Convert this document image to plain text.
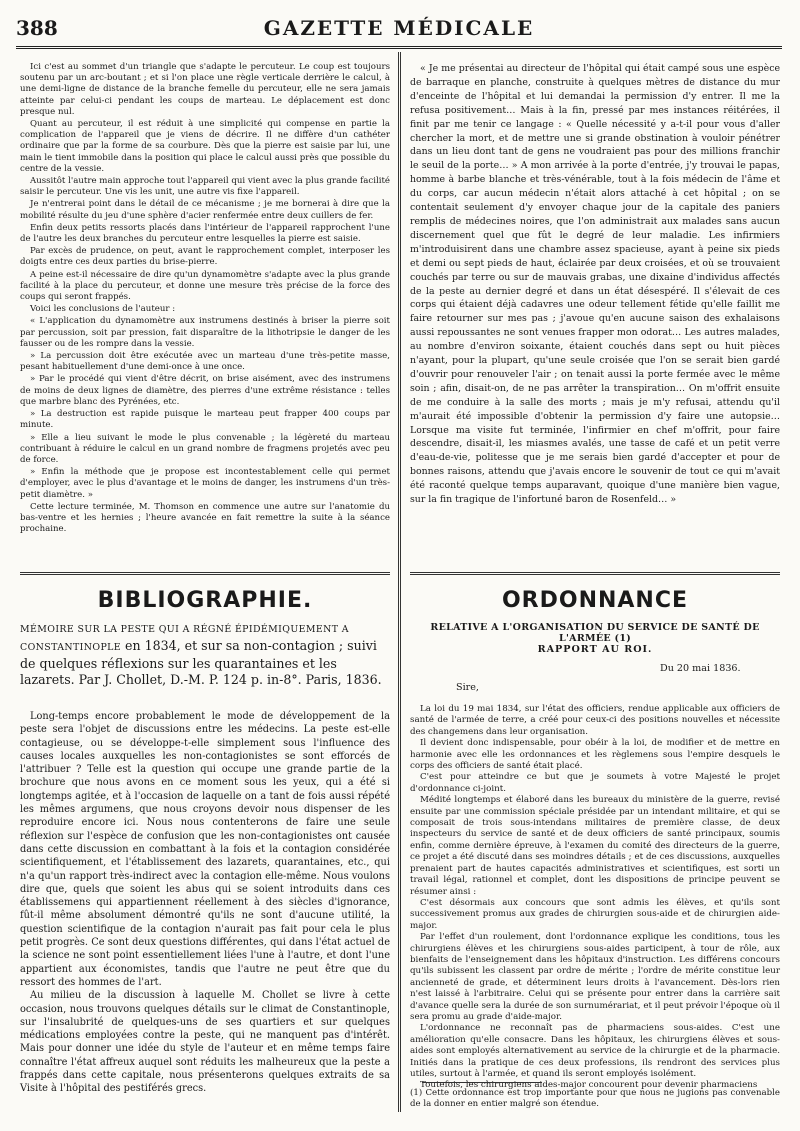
388	GAZETTE MÉDICALE

Ici c'est au sommet d'un triangle que s'adapte le percuteur. Le coup est toujours soutenu par un arc-boutant ; et si l'on place une règle verticale derrière le calcul, à une demi-ligne de distance de la branche femelle du percuteur, elle ne sera jamais atteinte par celui-ci pendant les coups de marteau. Le déplacement est donc presque nul.

Quant au percuteur, il est réduit à une simplicité qui compense en partie la complication de l'appareil que je viens de décrire. Il ne diffère d'un cathéter ordinaire que par la forme de sa courbure. Dès que la pierre est saisie par lui, une main le tient immobile dans la position qui place le calcul aussi près que possible du centre de la vessie.

Aussitôt l'autre main approche tout l'appareil qui vient avec la plus grande facilité saisir le percuteur. Une vis les unit, une autre vis fixe l'appareil.

Je n'entrerai point dans le détail de ce mécanisme ; je me bornerai à dire que la mobilité résulte du jeu d'une sphère d'acier renfermée entre deux cuillers de fer.

Enfin deux petits ressorts placés dans l'intérieur de l'appareil rapprochent l'une de l'autre les deux branches du percuteur entre lesquelles la pierre est saisie.

Par excès de prudence, on peut, avant le rapprochement complet, interposer les doigts entre ces deux parties du brise-pierre.

A peine est-il nécessaire de dire qu'un dynamomètre s'adapte avec la plus grande facilité à la place du percuteur, et donne une mesure très précise de la force des coups qui seront frappés.

Voici les conclusions de l'auteur :

« L'application du dynamomètre aux instrumens destinés à briser la pierre soit par percussion, soit par pression, fait disparaître de la lithotripsie le danger de les fausser ou de les rompre dans la vessie.

» La percussion doit être exécutée avec un marteau d'une très-petite masse, pesant habituellement d'une demi-once à une once.

» Par le procédé qui vient d'être décrit, on brise aisément, avec des instrumens de moins de deux lignes de diamètre, des pierres d'une extrême résistance : telles que marbre blanc des Pyrénées, etc.

» La destruction est rapide puisque le marteau peut frapper 400 coups par minute.

» Elle a lieu suivant le mode le plus convenable ; la légèreté du marteau contribuant à réduire le calcul en un grand nombre de fragmens projetés avec peu de force.

» Enfin la méthode que je propose est incontestablement celle qui permet d'employer, avec le plus d'avantage et le moins de danger, les instrumens d'un très-petit diamètre. »

Cette lecture terminée, M. Thomson en commence une autre sur l'anatomie du bas-ventre et les hernies ; l'heure avancée en fait remettre la suite à la séance prochaine.

« Je me présentai au directeur de l'hôpital qui était campé sous une espèce de barraque en planche, construite à quelques mètres de distance du mur d'enceinte de l'hôpital et lui demandai la permission d'y entrer. Il me la refusa positivement… Mais à la fin, pressé par mes instances réitérées, il finit par me tenir ce langage : « Quelle nécessité y a-t-il pour vous d'aller chercher la mort, et de mettre une si grande obstination à vouloir pénétrer dans un lieu dont tant de gens ne voudraient pas pour des millions franchir le seuil de la porte… » A mon arrivée à la porte d'entrée, j'y trouvai le papas, homme à barbe blanche et très-vénérable, tout à la fois médecin de l'âme et du corps, car aucun médecin n'était alors attaché à cet hôpital ; on se contentait seulement d'y envoyer chaque jour de la capitale des paniers remplis de médecines noires, que l'on administrait aux malades sans aucun discernement quel que fût le degré de leur maladie. Les infirmiers m'introduisirent dans une chambre assez spacieuse, ayant à peine six pieds et demi ou sept pieds de haut, éclairée par deux croisées, et où se trouvaient couchés par terre ou sur de mauvais grabas, une dixaine d'individus affectés de la peste au dernier degré et dans un état désespéré. Il s'élevait de ces corps qui étaient déjà cadavres une odeur tellement fétide qu'elle faillit me faire retourner sur mes pas ; j'avoue qu'en aucune saison des exhalaisons aussi repoussantes ne sont venues frapper mon odorat… Les autres malades, au nombre d'environ soixante, étaient couchés dans sept ou huit pièces n'ayant, pour la plupart, qu'une seule croisée que l'on se serait bien gardé d'ouvrir pour renouveler l'air ; on tenait aussi la porte fermée avec le même soin ; afin, disait-on, de ne pas arrêter la transpiration… On m'offrit ensuite de me conduire à la salle des morts ; mais je m'y refusai, attendu qu'il m'aurait été impossible d'obtenir la permission d'y faire une autopsie… Lorsque ma visite fut terminée, l'infirmier en chef m'offrit, pour faire descendre, disait-il, les miasmes avalés, une tasse de café et un petit verre d'eau-de-vie, politesse que je me serais bien gardé d'accepter et pour de bonnes raisons, attendu que j'avais encore le souvenir de tout ce qui m'avait été raconté quelque temps auparavant, quoique d'une manière bien vague, sur la fin tragique de l'infortuné baron de Rosenfeld… »

BIBLIOGRAPHIE.
MÉMOIRE SUR LA PESTE QUI A RÉGNÉ ÉPIDÉMIQUEMENT A CONSTANTINOPLE en 1834, et sur sa non-contagion ; suivi de quelques réflexions sur les quarantaines et les lazarets. Par J. Chollet, D.-M. P. 124 p. in-8°. Paris, 1836.

Long-temps encore probablement le mode de développement de la peste sera l'objet de discussions entre les médecins. La peste est-elle contagieuse, ou se développe-t-elle simplement sous l'influence des causes locales auxquelles les non-contagionistes se sont efforcés de l'attribuer ? Telle est la question qui occupe une grande partie de la brochure que nous avons en ce moment sous les yeux, qui a été si longtemps agitée, et à l'occasion de laquelle on a tant de fois aussi répété les mêmes argumens, que nous croyons devoir nous dispenser de les reproduire encore ici. Nous nous contenterons de faire une seule réflexion sur l'espèce de confusion que les non-contagionistes ont causée dans cette discussion en combattant à la fois et la contagion considérée scientifiquement, et l'établissement des lazarets, quarantaines, etc., qui n'a qu'un rapport très-indirect avec la contagion elle-même. Nous voulons dire que, quels que soient les abus qui se soient introduits dans ces établissemens qui appartiennent réellement à des siècles d'ignorance, fût-il même absolument démontré qu'ils ne sont d'aucune utilité, la question scientifique de la contagion n'aurait pas fait pour cela le plus petit progrès. Ce sont deux questions différentes, qui dans l'état actuel de la science ne sont point essentiellement liées l'une à l'autre, et dont l'une appartient aux économistes, tandis que l'autre ne peut être que du ressort des hommes de l'art.

Au milieu de la discussion à laquelle M. Chollet se livre à cette occasion, nous trouvons quelques détails sur le climat de Constantinople, sur l'insalubrité de quelques-uns de ses quartiers et sur quelques médications employées contre la peste, qui ne manquent pas d'intérêt. Mais pour donner une idée du style de l'auteur et en même temps faire connaître l'état affreux auquel sont réduits les malheureux que la peste a frappés dans cette capitale, nous présenterons quelques extraits de sa Visite à l'hôpital des pestiférés grecs.

ORDONNANCE
RELATIVE A L'ORGANISATION DU SERVICE DE SANTÉ DE L'ARMÉE (1)
RAPPORT AU ROI.
Du 20 mai 1836.
Sire,

La loi du 19 mai 1834, sur l'état des officiers, rendue applicable aux officiers de santé de l'armée de terre, a créé pour ceux-ci des positions nouvelles et nécessite des changemens dans leur organisation.

Il devient donc indispensable, pour obéir à la loi, de modifier et de mettre en harmonie avec elle les ordonnances et les règlemens sous l'empire desquels le corps des officiers de santé était placé.

C'est pour atteindre ce but que je soumets à votre Majesté le projet d'ordonnance ci-joint.

Médité longtemps et élaboré dans les bureaux du ministère de la guerre, revisé ensuite par une commission spéciale présidée par un intendant militaire, et qui se composait de trois sous-intendans militaires de première classe, de deux inspecteurs du service de santé et de deux officiers de santé principaux, soumis enfin, comme dernière épreuve, à l'examen du comité des directeurs de la guerre, ce projet a été discuté dans ses moindres détails ; et de ces discussions, auxquelles prenaient part de hautes capacités administratives et scientifiques, est sorti un travail légal, rationnel et complet, dont les dispositions de principe peuvent se résumer ainsi :

C'est désormais aux concours que sont admis les élèves, et qu'ils sont successivement promus aux grades de chirurgien sous-aide et de chirurgien aide-major.

Par l'effet d'un roulement, dont l'ordonnance explique les conditions, tous les chirurgiens élèves et les chirurgiens sous-aides participent, à tour de rôle, aux bienfaits de l'enseignement dans les hôpitaux d'instruction. Les différens concours qu'ils subissent les classent par ordre de mérite ; l'ordre de mérite constitue leur ancienneté de grade, et déterminent leurs droits à l'avancement. Dès-lors rien n'est laissé à l'arbitraire. Celui qui se présente pour entrer dans la carrière sait d'avance quelle sera la durée de son surnumérariat, et il peut prévoir l'époque où il sera promu au grade d'aide-major.

L'ordonnance ne reconnaît pas de pharmaciens sous-aides. C'est une amélioration qu'elle consacre. Dans les hôpitaux, les chirurgiens élèves et sous-aides sont employés alternativement au service de la chirurgie et de la pharmacie. Initiés dans la pratique de ces deux professions, ils rendront des services plus utiles, surtout à l'armée, et quand ils seront employés isolément.

Toutefois, les chirurgiens aides-major concourent pour devenir pharmaciens

(1) Cette ordonnance est trop importante pour que nous ne jugions pas convenable de la donner en entier malgré son étendue.
